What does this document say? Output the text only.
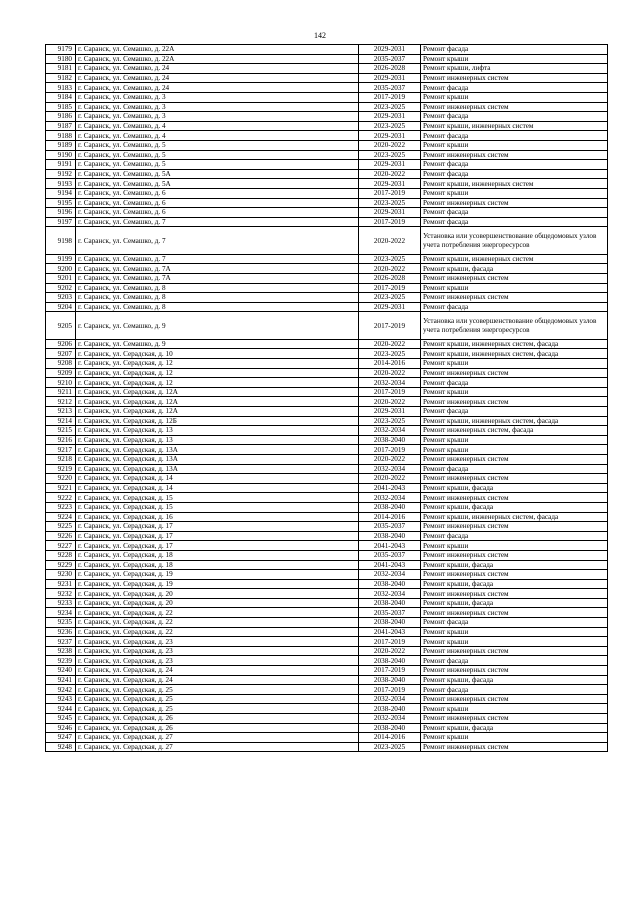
142
9179	г. Саранск, ул. Семашко, д. 22А	2029-2031	Ремонт фасада
9180	г. Саранск, ул. Семашко, д. 22А	2035-2037	Ремонт крыши
9181	г. Саранск, ул. Семашко, д. 24	2026-2028	Ремонт крыши, лифта
9182	г. Саранск, ул. Семашко, д. 24	2029-2031	Ремонт инженерных систем
9183	г. Саранск, ул. Семашко, д. 24	2035-2037	Ремонт фасада
9184	г. Саранск, ул. Семашко, д. 3	2017-2019	Ремонт крыши
9185	г. Саранск, ул. Семашко, д. 3	2023-2025	Ремонт инженерных систем
9186	г. Саранск, ул. Семашко, д. 3	2029-2031	Ремонт фасада
9187	г. Саранск, ул. Семашко, д. 4	2023-2025	Ремонт крыши, инженерных систем
9188	г. Саранск, ул. Семашко, д. 4	2029-2031	Ремонт фасада
9189	г. Саранск, ул. Семашко, д. 5	2020-2022	Ремонт крыши
9190	г. Саранск, ул. Семашко, д. 5	2023-2025	Ремонт инженерных систем
9191	г. Саранск, ул. Семашко, д. 5	2029-2031	Ремонт фасада
9192	г. Саранск, ул. Семашко, д. 5А	2020-2022	Ремонт фасада
9193	г. Саранск, ул. Семашко, д. 5А	2029-2031	Ремонт крыши, инженерных систем
9194	г. Саранск, ул. Семашко, д. 6	2017-2019	Ремонт крыши
9195	г. Саранск, ул. Семашко, д. 6	2023-2025	Ремонт инженерных систем
9196	г. Саранск, ул. Семашко, д. 6	2029-2031	Ремонт фасада
9197	г. Саранск, ул. Семашко, д. 7	2017-2019	Ремонт фасада
9198	г. Саранск, ул. Семашко, д. 7	2020-2022	Установка или усовершенствование общедомовых узлов учета потребления энергоресурсов
9199	г. Саранск, ул. Семашко, д. 7	2023-2025	Ремонт крыши, инженерных систем
9200	г. Саранск, ул. Семашко, д. 7А	2020-2022	Ремонт крыши, фасада
9201	г. Саранск, ул. Семашко, д. 7А	2026-2028	Ремонт инженерных систем
9202	г. Саранск, ул. Семашко, д. 8	2017-2019	Ремонт крыши
9203	г. Саранск, ул. Семашко, д. 8	2023-2025	Ремонт инженерных систем
9204	г. Саранск, ул. Семашко, д. 8	2029-2031	Ремонт фасада
9205	г. Саранск, ул. Семашко, д. 9	2017-2019	Установка или усовершенствование общедомовых узлов учета потребления энергоресурсов
9206	г. Саранск, ул. Семашко, д. 9	2020-2022	Ремонт крыши, инженерных систем, фасада
9207	г. Саранск, ул. Серадская, д. 10	2023-2025	Ремонт крыши, инженерных систем, фасада
9208	г. Саранск, ул. Серадская, д. 12	2014-2016	Ремонт крыши
9209	г. Саранск, ул. Серадская, д. 12	2020-2022	Ремонт инженерных систем
9210	г. Саранск, ул. Серадская, д. 12	2032-2034	Ремонт фасада
9211	г. Саранск, ул. Серадская, д. 12А	2017-2019	Ремонт крыши
9212	г. Саранск, ул. Серадская, д. 12А	2020-2022	Ремонт инженерных систем
9213	г. Саранск, ул. Серадская, д. 12А	2029-2031	Ремонт фасада
9214	г. Саранск, ул. Серадская, д. 12Б	2023-2025	Ремонт крыши, инженерных систем, фасада
9215	г. Саранск, ул. Серадская, д. 13	2032-2034	Ремонт инженерных систем, фасада
9216	г. Саранск, ул. Серадская, д. 13	2038-2040	Ремонт крыши
9217	г. Саранск, ул. Серадская, д. 13А	2017-2019	Ремонт крыши
9218	г. Саранск, ул. Серадская, д. 13А	2020-2022	Ремонт инженерных систем
9219	г. Саранск, ул. Серадская, д. 13А	2032-2034	Ремонт фасада
9220	г. Саранск, ул. Серадская, д. 14	2020-2022	Ремонт инженерных систем
9221	г. Саранск, ул. Серадская, д. 14	2041-2043	Ремонт крыши, фасада
9222	г. Саранск, ул. Серадская, д. 15	2032-2034	Ремонт инженерных систем
9223	г. Саранск, ул. Серадская, д. 15	2038-2040	Ремонт крыши, фасада
9224	г. Саранск, ул. Серадская, д. 16	2014-2016	Ремонт крыши, инженерных систем, фасада
9225	г. Саранск, ул. Серадская, д. 17	2035-2037	Ремонт инженерных систем
9226	г. Саранск, ул. Серадская, д. 17	2038-2040	Ремонт фасада
9227	г. Саранск, ул. Серадская, д. 17	2041-2043	Ремонт крыши
9228	г. Саранск, ул. Серадская, д. 18	2035-2037	Ремонт инженерных систем
9229	г. Саранск, ул. Серадская, д. 18	2041-2043	Ремонт крыши, фасада
9230	г. Саранск, ул. Серадская, д. 19	2032-2034	Ремонт инженерных систем
9231	г. Саранск, ул. Серадская, д. 19	2038-2040	Ремонт крыши, фасада
9232	г. Саранск, ул. Серадская, д. 20	2032-2034	Ремонт инженерных систем
9233	г. Саранск, ул. Серадская, д. 20	2038-2040	Ремонт крыши, фасада
9234	г. Саранск, ул. Серадская, д. 22	2035-2037	Ремонт инженерных систем
9235	г. Саранск, ул. Серадская, д. 22	2038-2040	Ремонт фасада
9236	г. Саранск, ул. Серадская, д. 22	2041-2043	Ремонт крыши
9237	г. Саранск, ул. Серадская, д. 23	2017-2019	Ремонт крыши
9238	г. Саранск, ул. Серадская, д. 23	2020-2022	Ремонт инженерных систем
9239	г. Саранск, ул. Серадская, д. 23	2038-2040	Ремонт фасада
9240	г. Саранск, ул. Серадская, д. 24	2017-2019	Ремонт инженерных систем
9241	г. Саранск, ул. Серадская, д. 24	2038-2040	Ремонт крыши, фасада
9242	г. Саранск, ул. Серадская, д. 25	2017-2019	Ремонт фасада
9243	г. Саранск, ул. Серадская, д. 25	2032-2034	Ремонт инженерных систем
9244	г. Саранск, ул. Серадская, д. 25	2038-2040	Ремонт крыши
9245	г. Саранск, ул. Серадская, д. 26	2032-2034	Ремонт инженерных систем
9246	г. Саранск, ул. Серадская, д. 26	2038-2040	Ремонт крыши, фасада
9247	г. Саранск, ул. Серадская, д. 27	2014-2016	Ремонт крыши
9248	г. Саранск, ул. Серадская, д. 27	2023-2025	Ремонт инженерных систем
